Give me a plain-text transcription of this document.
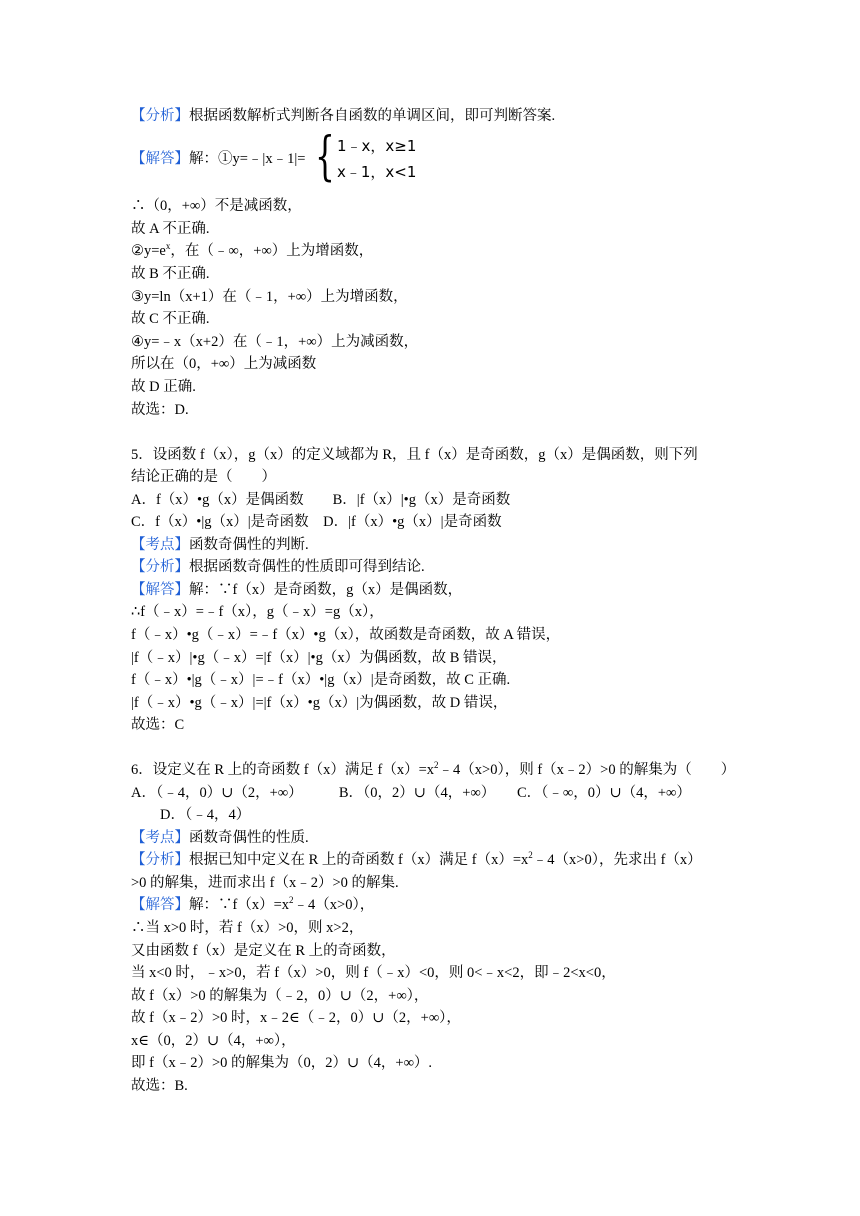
【分析】根据函数解析式判断各自函数的单调区间，即可判断答案.
【解答】解：①y=﹣|x﹣1|= { 1﹣x，x≥1
x﹣1，x<1
∴（0，+∞）不是减函数，
故 A 不正确.
$②y=e^x$，在（﹣∞，+∞）上为增函数，
故 B 不正确.
③y=ln（x+1）在（﹣1，+∞）上为增函数，
故 C 不正确.
④y=﹣x（x+2）在（﹣1，+∞）上为减函数，
所以在（0，+∞）上为减函数
故 D 正确.
故选：D.
5．设函数 f（x），g（x）的定义域都为 R，且 f（x）是奇函数，g（x）是偶函数，则下列
结论正确的是（　　）
A．f（x）•g（x）是偶函数　　B．|f（x）|•g（x）是奇函数
C．f（x）•|g（x）|是奇函数　D．|f（x）•g（x）|是奇函数
【考点】函数奇偶性的判断.
【分析】根据函数奇偶性的性质即可得到结论.
【解答】解：∵f（x）是奇函数，g（x）是偶函数，
∴f（﹣x）=﹣f（x），g（﹣x）=g（x），
f（﹣x）•g（﹣x）=﹣f（x）•g（x），故函数是奇函数，故 A 错误，
|f（﹣x）|•g（﹣x）=|f（x）|•g（x）为偶函数，故 B 错误，
f（﹣x）•|g（﹣x）|=﹣f（x）•|g（x）|是奇函数，故 C 正确.
|f（﹣x）•g（﹣x）|=|f（x）•g（x）|为偶函数，故 D 错误，
故选：C
6．设定义在 R 上的奇函数 f（x）满足 $f(x)=x^2﹣4(x>0)$，则 f（x﹣2）>0 的解集为（　　）
A．（﹣4，0）∪（2，+∞）　　　B．（0，2）∪（4，+∞）　　C．（﹣∞，0）∪（4，+∞）
D．（﹣4，4）
【考点】函数奇偶性的性质.
【分析】根据已知中定义在 R 上的奇函数 f（x）满足 $f(x)=x^2﹣4(x>0)$，先求出 f（x）
>0 的解集，进而求出 f（x﹣2）>0 的解集.
【解答】解：$\because f(x)=x^2﹣4(x>0)$，
∴当 x>0 时，若 f（x）>0，则 x>2，
又由函数 f（x）是定义在 R 上的奇函数，
当 x<0 时，﹣x>0，若 f（x）>0，则 f（﹣x）<0，则 0<﹣x<2，即﹣2<x<0，
故 f（x）>0 的解集为（﹣2，0）∪（2，+∞），
故 f（x﹣2）>0 时，x﹣2∈（﹣2，0）∪（2，+∞），
x∈（0，2）∪（4，+∞），
即 f（x﹣2）>0 的解集为（0，2）∪（4，+∞）.
故选：B.
